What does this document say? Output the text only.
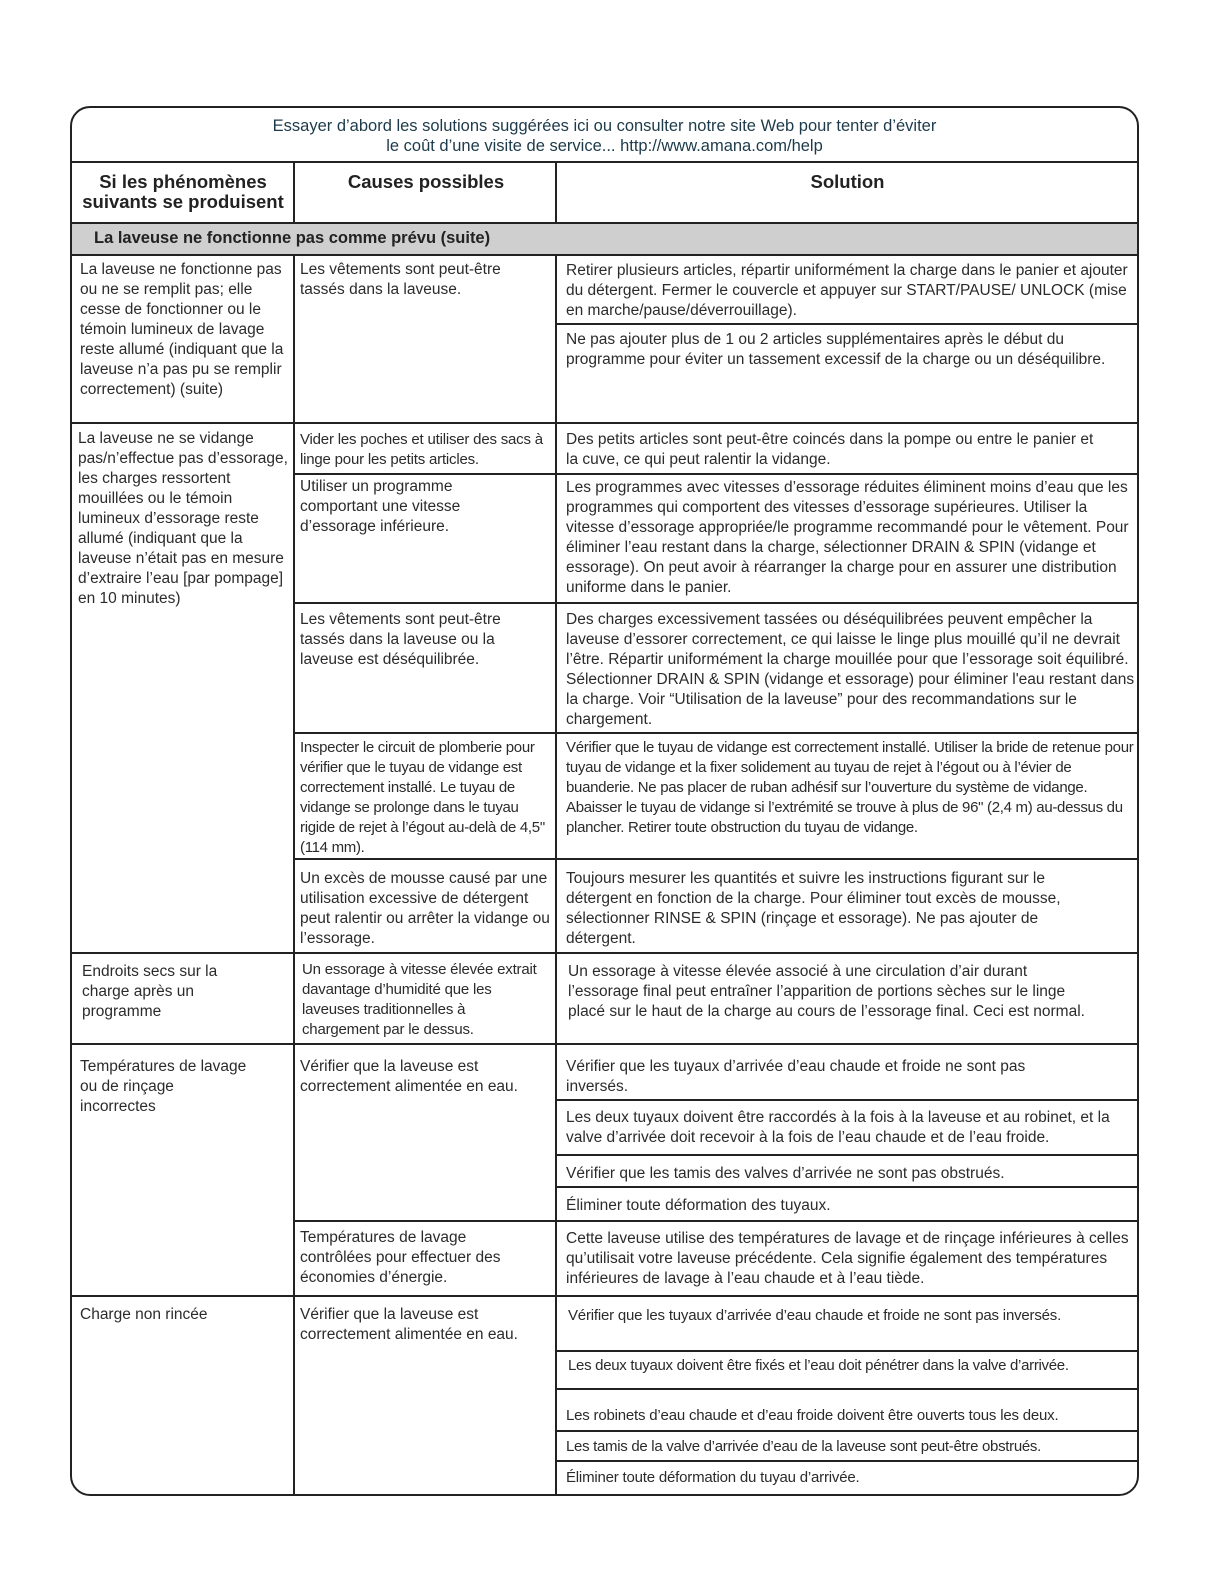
Essayer d’abord les solutions suggérées ici ou consulter notre site Web pour tenter d’éviter
le coût d’une visite de service... http://www.amana.com/help
Si les phénomènes suivants se produisent
Causes possibles	Solution
La laveuse ne fonctionne pas comme prévu (suite)
La laveuse ne fonctionne pas ou ne se remplit pas; elle cesse de fonctionner ou le témoin lumineux de lavage reste allumé (indiquant que la laveuse n’a pas pu se remplir correctement) (suite)
La laveuse ne se vidange pas/n’effectue pas d’essorage, les charges ressortent mouillées ou le témoin lumineux d’essorage reste allumé (indiquant que la laveuse n’était pas en mesure d’extraire l’eau [par pompage] en 10 minutes)
Endroits secs sur la charge après un programme
Températures de lavage ou de rinçage incorrectes
Charge non rincée
Les vêtements sont peut-être tassés dans la laveuse.
Vider les poches et utiliser des sacs à linge pour les petits articles.
Utiliser un programme comportant une vitesse d’essorage inférieure.
Les vêtements sont peut-être tassés dans la laveuse ou la laveuse est déséquilibrée.
Inspecter le circuit de plomberie pour vérifier que le tuyau de vidange est correctement installé. Le tuyau de vidange se prolonge dans le tuyau rigide de rejet à l’égout au-delà de 4,5" (114 mm).
Un excès de mousse causé par une utilisation excessive de détergent peut ralentir ou arrêter la vidange ou l’essorage.
Un essorage à vitesse élevée extrait davantage d’humidité que les laveuses traditionnelles à chargement par le dessus.
Vérifier que la laveuse est correctement alimentée en eau.
Températures de lavage contrôlées pour effectuer des économies d’énergie.
Vérifier que la laveuse est correctement alimentée en eau.
Retirer plusieurs articles, répartir uniformément la charge dans le panier et ajouter du détergent. Fermer le couvercle et appuyer sur START/PAUSE/ UNLOCK (mise en marche/pause/déverrouillage).
Ne pas ajouter plus de 1 ou 2 articles supplémentaires après le début du programme pour éviter un tassement excessif de la charge ou un déséquilibre.
Des petits articles sont peut-être coincés dans la pompe ou entre le panier et la cuve, ce qui peut ralentir la vidange.
Les programmes avec vitesses d’essorage réduites éliminent moins d’eau que les programmes qui comportent des vitesses d’essorage supérieures. Utiliser la vitesse d’essorage appropriée/le programme recommandé pour le vêtement. Pour éliminer l’eau restant dans la charge, sélectionner DRAIN & SPIN (vidange et essorage). On peut avoir à réarranger la charge pour en assurer une distribution uniforme dans le panier.
Des charges excessivement tassées ou déséquilibrées peuvent empêcher la laveuse d’essorer correctement, ce qui laisse le linge plus mouillé qu’il ne devrait l’être. Répartir uniformément la charge mouillée pour que l’essorage soit équilibré. Sélectionner DRAIN & SPIN (vidange et essorage) pour éliminer l'eau restant dans la charge. Voir “Utilisation de la laveuse” pour des recommandations sur le chargement.
Vérifier que le tuyau de vidange est correctement installé. Utiliser la bride de retenue pour tuyau de vidange et la fixer solidement au tuyau de rejet à l’égout ou à l’évier de buanderie. Ne pas placer de ruban adhésif sur l’ouverture du système de vidange. Abaisser le tuyau de vidange si l’extrémité se trouve à plus de 96" (2,4 m) au-dessus du plancher. Retirer toute obstruction du tuyau de vidange.
Toujours mesurer les quantités et suivre les instructions figurant sur le détergent en fonction de la charge. Pour éliminer tout excès de mousse, sélectionner RINSE & SPIN (rinçage et essorage). Ne pas ajouter de détergent.
Un essorage à vitesse élevée associé à une circulation d’air durant l’essorage final peut entraîner l’apparition de portions sèches sur le linge placé sur le haut de la charge au cours de l’essorage final. Ceci est normal.
Vérifier que les tuyaux d’arrivée d’eau chaude et froide ne sont pas inversés.
Les deux tuyaux doivent être raccordés à la fois à la laveuse et au robinet, et la valve d’arrivée doit recevoir à la fois de l’eau chaude et de l’eau froide.
Vérifier que les tamis des valves d’arrivée ne sont pas obstrués.
Éliminer toute déformation des tuyaux.
Cette laveuse utilise des températures de lavage et de rinçage inférieures à celles qu’utilisait votre laveuse précédente. Cela signifie également des températures inférieures de lavage à l’eau chaude et à l’eau tiède.
Vérifier que les tuyaux d’arrivée d’eau chaude et froide ne sont pas inversés.
Les deux tuyaux doivent être fixés et l’eau doit pénétrer dans la valve d’arrivée.
Les robinets d’eau chaude et d’eau froide doivent être ouverts tous les deux.
Les tamis de la valve d’arrivée d’eau de la laveuse sont peut-être obstrués.
Éliminer toute déformation du tuyau d’arrivée.
